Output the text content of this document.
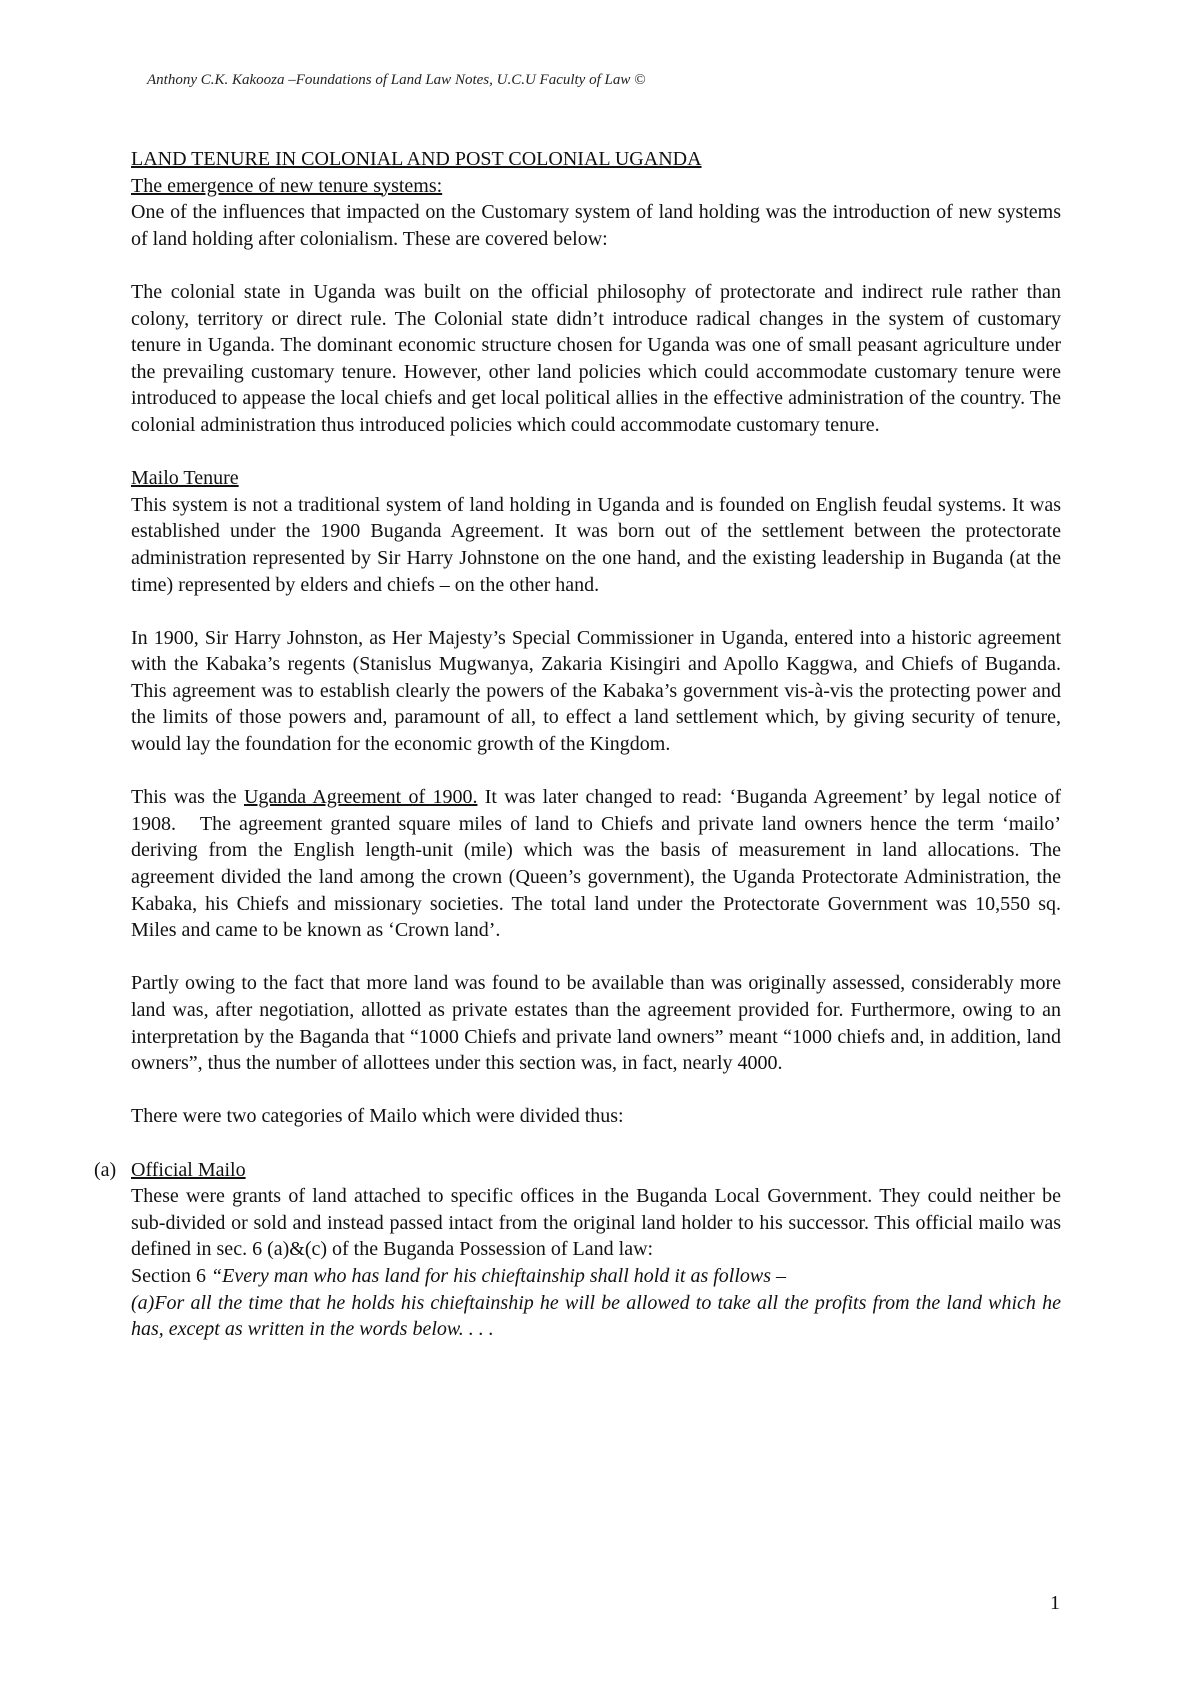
Anthony C.K. Kakooza –Foundations of Land Law Notes, U.C.U Faculty of Law ©
LAND TENURE IN COLONIAL AND POST COLONIAL UGANDA

The emergence of new tenure systems:

One of the influences that impacted on the Customary system of land holding was the introduction of new systems of land holding after colonialism. These are covered below:

The colonial state in Uganda was built on the official philosophy of protectorate and indirect rule rather than colony, territory or direct rule. The Colonial state didn’t introduce radical changes in the system of customary tenure in Uganda. The dominant economic structure chosen for Uganda was one of small peasant agriculture under the prevailing customary tenure. However, other land policies which could accommodate customary tenure were introduced to appease the local chiefs and get local political allies in the effective administration of the country. The colonial administration thus introduced policies which could accommodate customary tenure.

Mailo Tenure

This system is not a traditional system of land holding in Uganda and is founded on English feudal systems. It was established under the 1900 Buganda Agreement. It was born out of the settlement between the protectorate administration represented by Sir Harry Johnstone on the one hand, and the existing leadership in Buganda (at the time) represented by elders and chiefs – on the other hand.

In 1900, Sir Harry Johnston, as Her Majesty’s Special Commissioner in Uganda, entered into a historic agreement with the Kabaka’s regents (Stanislus Mugwanya, Zakaria Kisingiri and Apollo Kaggwa, and Chiefs of Buganda. This agreement was to establish clearly the powers of the Kabaka’s government vis-à-vis the protecting power and the limits of those powers and, paramount of all, to effect a land settlement which, by giving security of tenure, would lay the foundation for the economic growth of the Kingdom.

This was the Uganda Agreement of 1900. It was later changed to read: ‘Buganda Agreement’ by legal notice of 1908.   The agreement granted square miles of land to Chiefs and private land owners hence the term ‘mailo’ deriving from the English length-unit (mile) which was the basis of measurement in land allocations. The agreement divided the land among the crown (Queen’s government), the Uganda Protectorate Administration, the Kabaka, his Chiefs and missionary societies. The total land under the Protectorate Government was 10,550 sq. Miles and came to be known as ‘Crown land’.

Partly owing to the fact that more land was found to be available than was originally assessed, considerably more land was, after negotiation, allotted as private estates than the agreement provided for. Furthermore, owing to an interpretation by the Baganda that “1000 Chiefs and private land owners” meant “1000 chiefs and, in addition, land owners”, thus the number of allottees under this section was, in fact, nearly 4000.

There were two categories of Mailo which were divided thus:

(a) Official Mailo

These were grants of land attached to specific offices in the Buganda Local Government. They could neither be sub-divided or sold and instead passed intact from the original land holder to his successor. This official mailo was defined in sec. 6 (a)&(c) of the Buganda Possession of Land law:

Section 6 “Every man who has land for his chieftainship shall hold it as follows –

(a)For all the time that he holds his chieftainship he will be allowed to take all the profits from the land which he has, except as written in the words below. . . .

1
